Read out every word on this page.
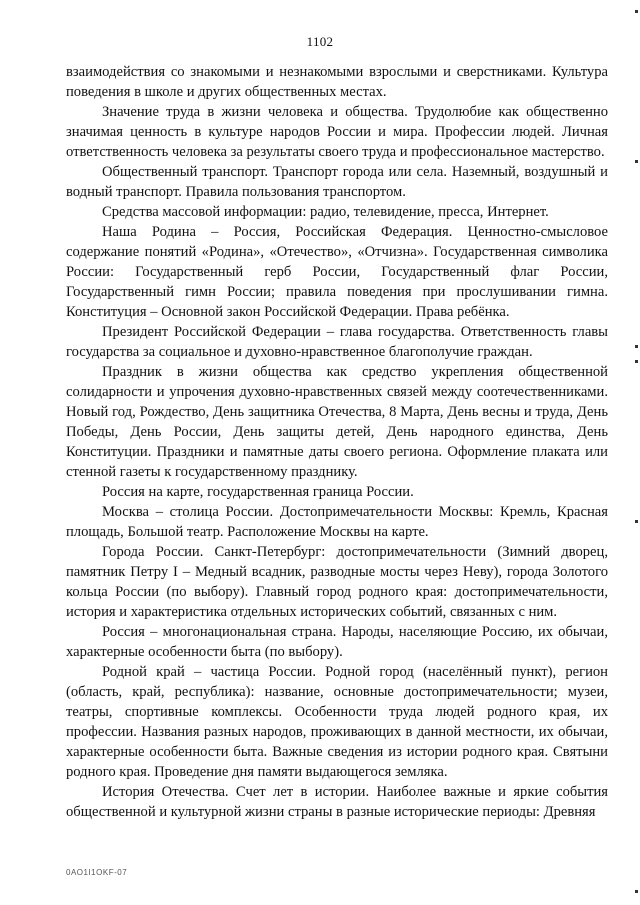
1102

взаимодействия со знакомыми и незнакомыми взрослыми и сверстниками. Культура поведения в школе и других общественных местах.

Значение труда в жизни человека и общества. Трудолюбие как общественно значимая ценность в культуре народов России и мира. Профессии людей. Личная ответственность человека за результаты своего труда и профессиональное мастерство.

Общественный транспорт. Транспорт города или села. Наземный, воздушный и водный транспорт. Правила пользования транспортом.

Средства массовой информации: радио, телевидение, пресса, Интернет.

Наша Родина – Россия, Российская Федерация. Ценностно-смысловое содержание понятий «Родина», «Отечество», «Отчизна». Государственная символика России: Государственный герб России, Государственный флаг России, Государственный гимн России; правила поведения при прослушивании гимна. Конституция – Основной закон Российской Федерации. Права ребёнка.

Президент Российской Федерации – глава государства. Ответственность главы государства за социальное и духовно-нравственное благополучие граждан.

Праздник в жизни общества как средство укрепления общественной солидарности и упрочения духовно-нравственных связей между соотечественниками. Новый год, Рождество, День защитника Отечества, 8 Марта, День весны и труда, День Победы, День России, День защиты детей, День народного единства, День Конституции. Праздники и памятные даты своего региона. Оформление плаката или стенной газеты к государственному празднику.

Россия на карте, государственная граница России.

Москва – столица России. Достопримечательности Москвы: Кремль, Красная площадь, Большой театр. Расположение Москвы на карте.

Города России. Санкт-Петербург: достопримечательности (Зимний дворец, памятник Петру I – Медный всадник, разводные мосты через Неву), города Золотого кольца России (по выбору). Главный город родного края: достопримечательности, история и характеристика отдельных исторических событий, связанных с ним.

Россия – многонациональная страна. Народы, населяющие Россию, их обычаи, характерные особенности быта (по выбору).

Родной край – частица России. Родной город (населённый пункт), регион (область, край, республика): название, основные достопримечательности; музеи, театры, спортивные комплексы. Особенности труда людей родного края, их профессии. Названия разных народов, проживающих в данной местности, их обычаи, характерные особенности быта. Важные сведения из истории родного края. Святыни родного края. Проведение дня памяти выдающегося земляка.

История Отечества. Счет лет в истории. Наиболее важные и яркие события общественной и культурной жизни страны в разные исторические периоды: Древняя

0AO1I1OKF-07
